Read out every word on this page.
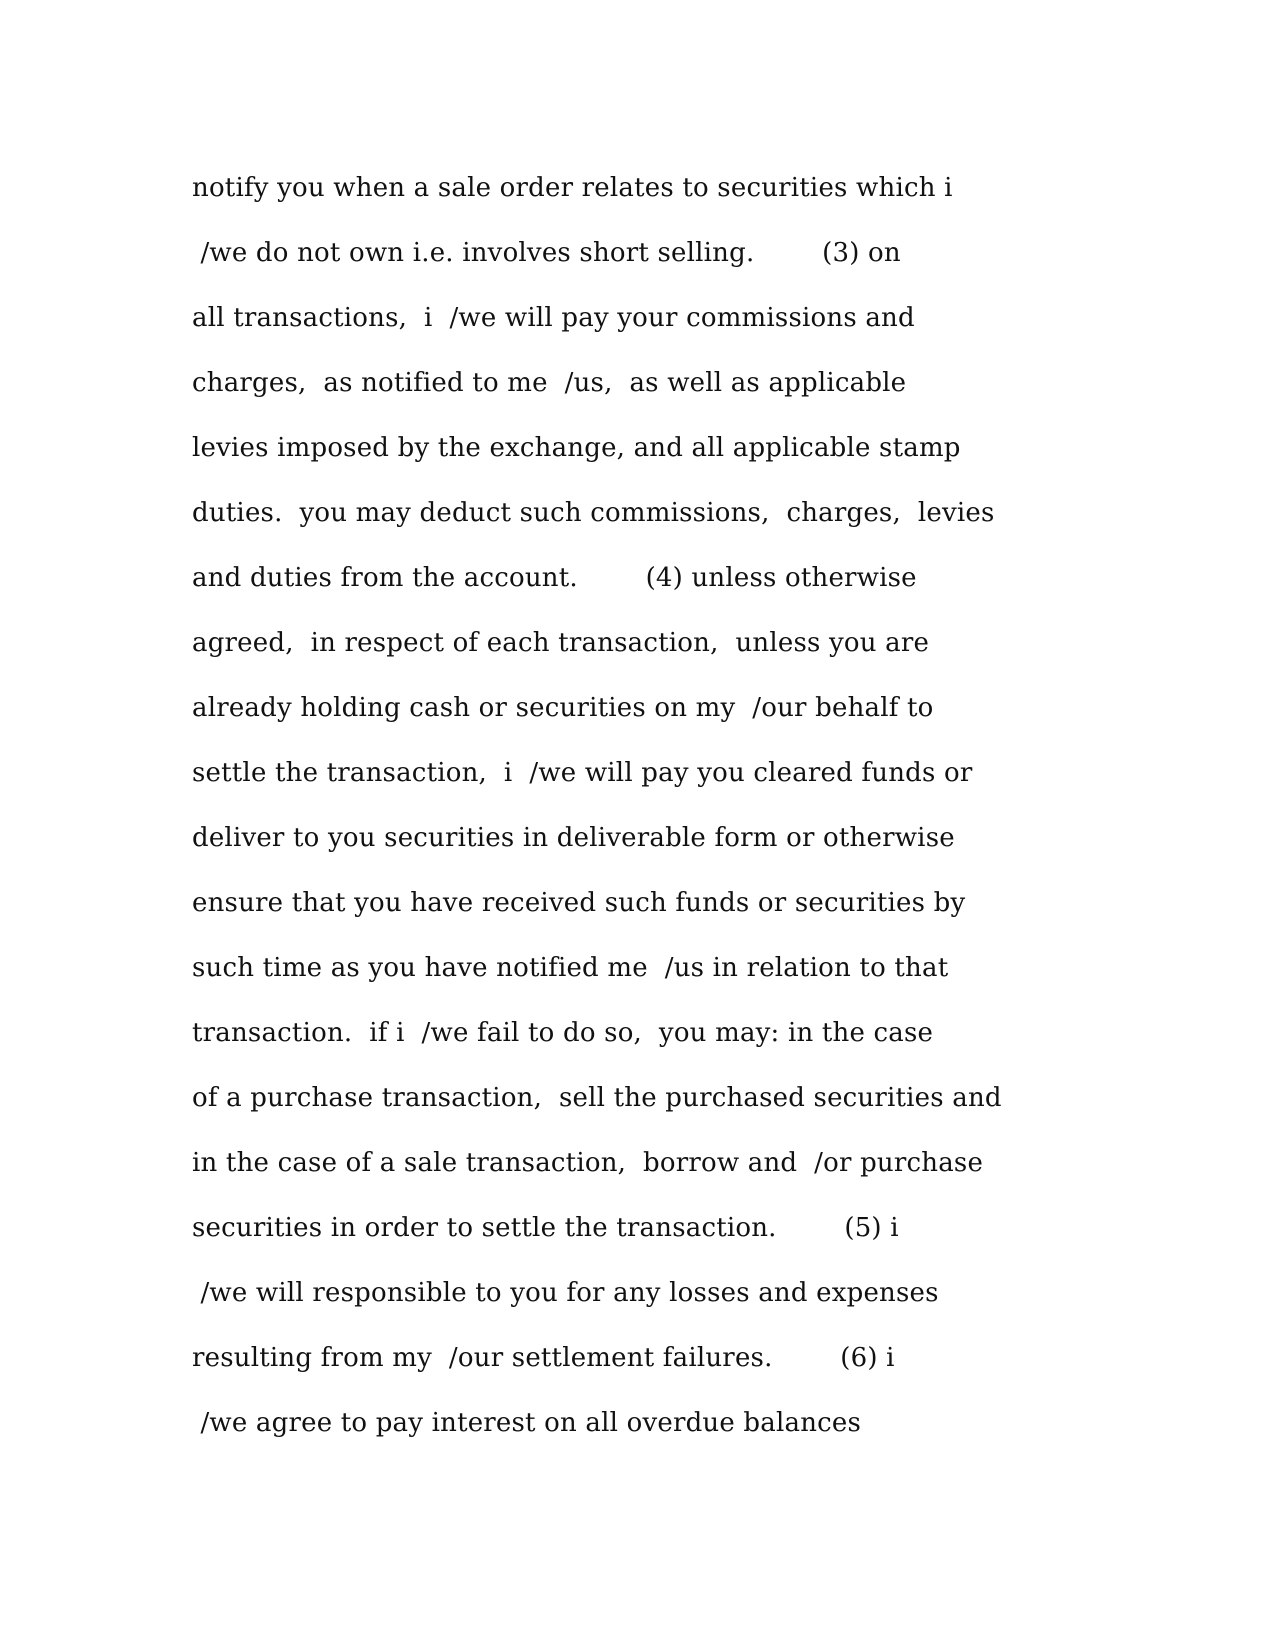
notify you when a sale order relates to securities which i
/we do not own i.e. involves short selling.        (3) on
all transactions,  i  /we will pay your commissions and
charges,  as notified to me  /us,  as well as applicable
levies imposed by the exchange, and all applicable stamp
duties.  you may deduct such commissions,  charges,  levies
and duties from the account.        (4) unless otherwise
agreed,  in respect of each transaction,  unless you are
already holding cash or securities on my  /our behalf to
settle the transaction,  i  /we will pay you cleared funds or
deliver to you securities in deliverable form or otherwise
ensure that you have received such funds or securities by
such time as you have notified me  /us in relation to that
transaction.  if i  /we fail to do so,  you may: in the case
of a purchase transaction,  sell the purchased securities and
in the case of a sale transaction,  borrow and  /or purchase
securities in order to settle the transaction.        (5) i
/we will responsible to you for any losses and expenses
resulting from my  /our settlement failures.        (6) i
/we agree to pay interest on all overdue balances
